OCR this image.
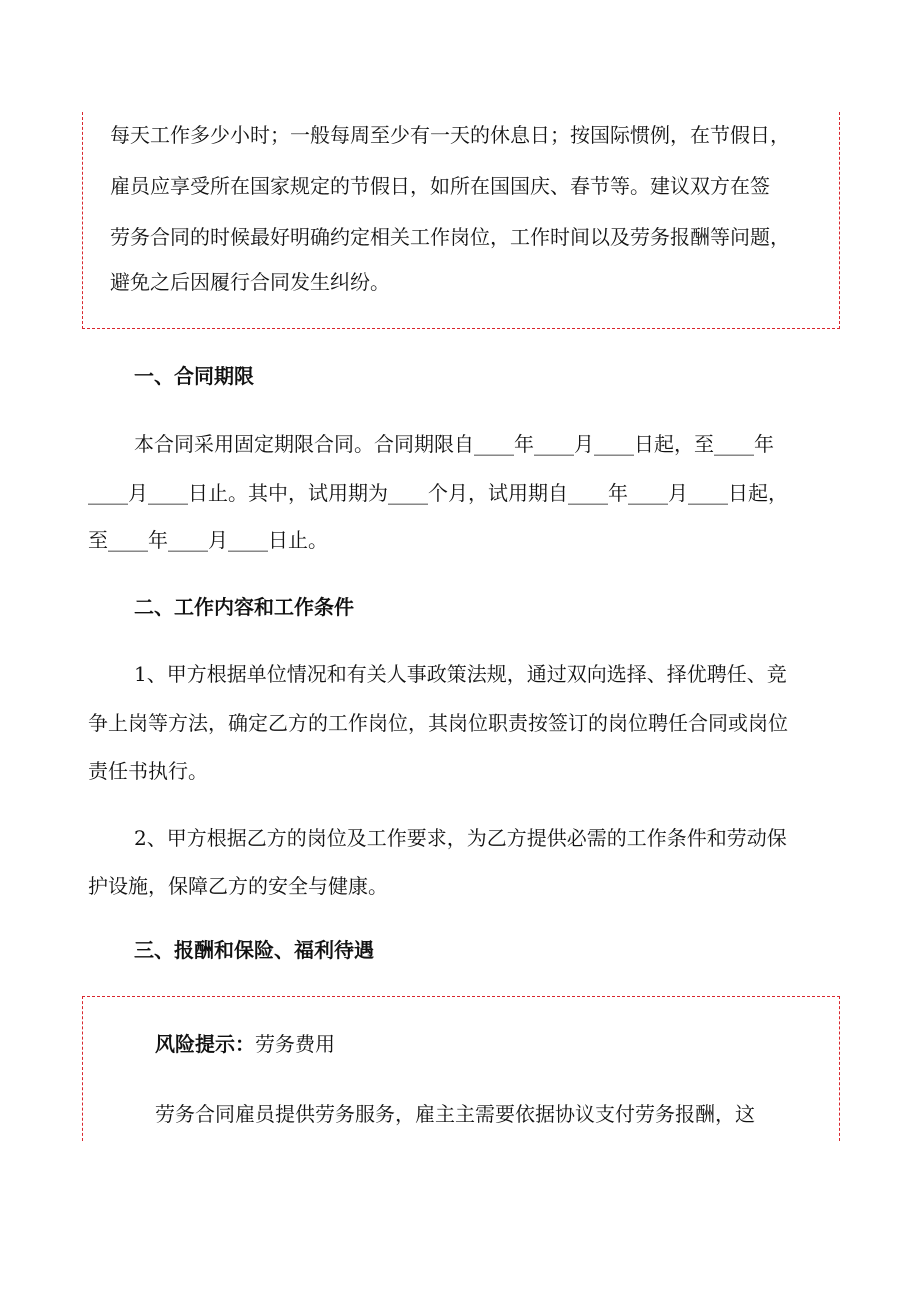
每天工作多少小时；一般每周至少有一天的休息日；按国际惯例，在节假日，
雇员应享受所在国家规定的节假日，如所在国国庆、春节等。建议双方在签
劳务合同的时候最好明确约定相关工作岗位，工作时间以及劳务报酬等问题，
避免之后因履行合同发生纠纷。
一、合同期限
本合同采用固定期限合同。合同期限自____年____月____日起，至____年
____月____日止。其中，试用期为____个月，试用期自____年____月____日起，
至____年____月____日止。
二、工作内容和工作条件
1、甲方根据单位情况和有关人事政策法规，通过双向选择、择优聘任、竞
争上岗等方法，确定乙方的工作岗位，其岗位职责按签订的岗位聘任合同或岗位
责任书执行。
2、甲方根据乙方的岗位及工作要求，为乙方提供必需的工作条件和劳动保
护设施，保障乙方的安全与健康。
三、报酬和保险、福利待遇
风险提示：劳务费用
劳务合同雇员提供劳务服务，雇主主需要依据协议支付劳务报酬，这
